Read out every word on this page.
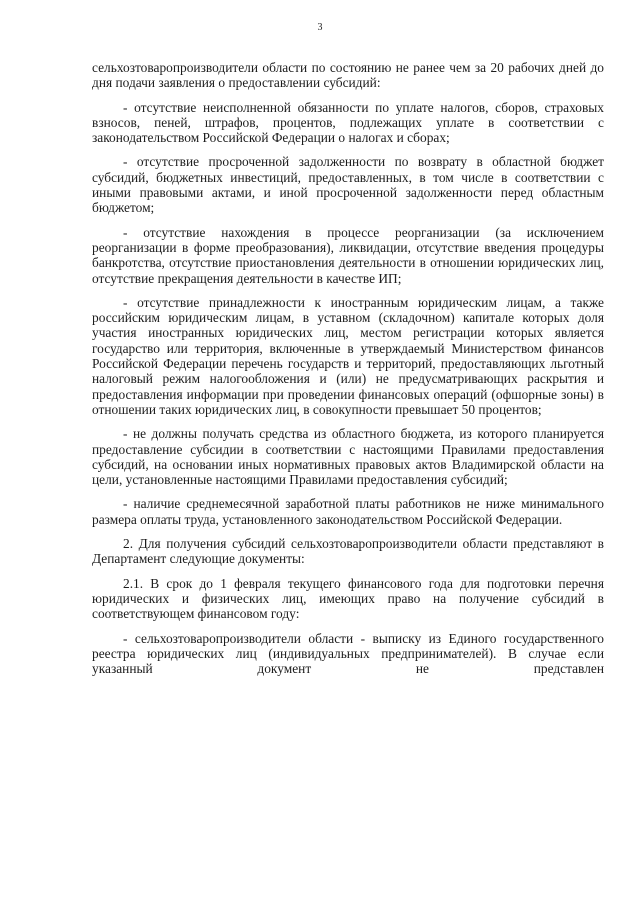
3

сельхозтоваропроизводители области по состоянию не ранее чем за 20 рабочих дней до дня подачи заявления о предоставлении субсидий:

- отсутствие неисполненной обязанности по уплате налогов, сборов, страховых взносов, пеней, штрафов, процентов, подлежащих уплате в соответствии с законодательством Российской Федерации о налогах и сборах;

- отсутствие просроченной задолженности по возврату в областной бюджет субсидий, бюджетных инвестиций, предоставленных, в том числе в соответствии с иными правовыми актами, и иной просроченной задолженности перед областным бюджетом;

- отсутствие нахождения в процессе реорганизации (за исключением реорганизации в форме преобразования), ликвидации, отсутствие введения процедуры банкротства, отсутствие приостановления деятельности в отношении юридических лиц, отсутствие прекращения деятельности в качестве ИП;

- отсутствие принадлежности к иностранным юридическим лицам, а также российским юридическим лицам, в уставном (складочном) капитале которых доля участия иностранных юридических лиц, местом регистрации которых является государство или территория, включенные в утверждаемый Министерством финансов Российской Федерации перечень государств и территорий, предоставляющих льготный налоговый режим налогообложения и (или) не предусматривающих раскрытия и предоставления информации при проведении финансовых операций (офшорные зоны) в отношении таких юридических лиц, в совокупности превышает 50 процентов;

- не должны получать средства из областного бюджета, из которого планируется предоставление субсидии в соответствии с настоящими Правилами предоставления субсидий, на основании иных нормативных правовых актов Владимирской области на цели, установленные настоящими Правилами предоставления субсидий;

- наличие среднемесячной заработной платы работников не ниже минимального размера оплаты труда, установленного законодательством Российской Федерации.

2. Для получения субсидий сельхозтоваропроизводители области представляют в Департамент следующие документы:

2.1. В срок до 1 февраля текущего финансового года для подготовки перечня юридических и физических лиц, имеющих право на получение субсидий в соответствующем финансовом году:

- сельхозтоваропроизводители области - выписку из Единого государственного реестра юридических лиц (индивидуальных предпринимателей). В случае если указанный документ не представлен
